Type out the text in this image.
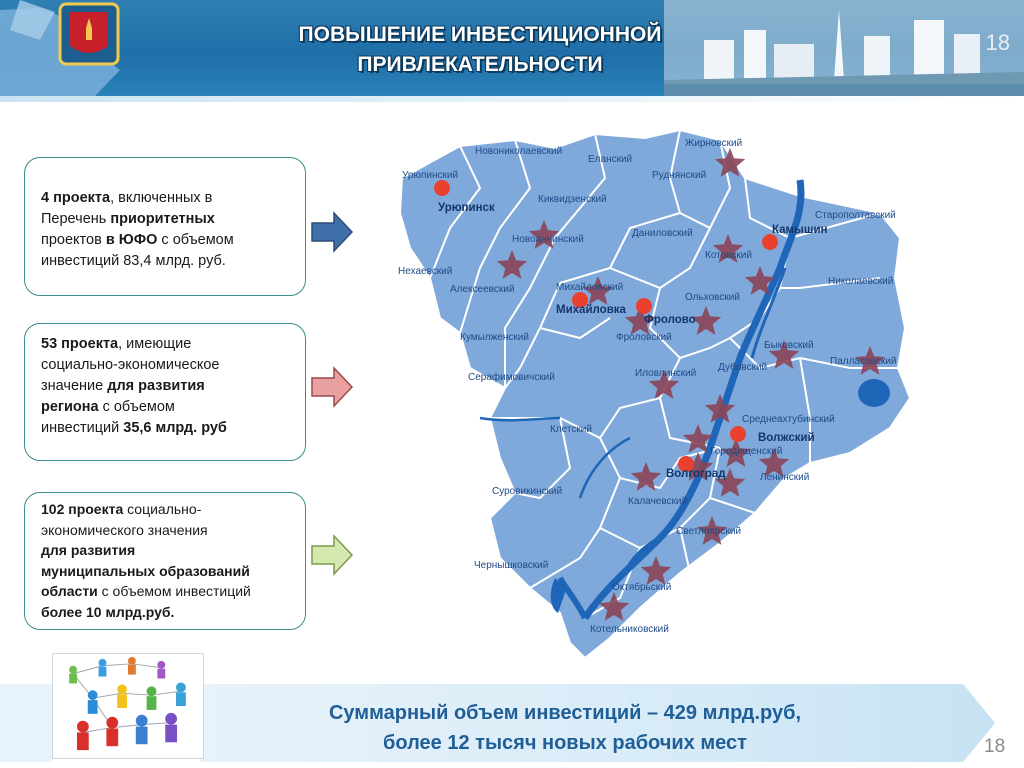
ПОВЫШЕНИЕ ИНВЕСТИЦИОННОЙ
ПРИВЛЕКАТЕЛЬНОСТИ
18
4 проекта, включенных в
Перечень приоритетных
проектов в ЮФО с объемом
инвестиций 83,4 млрд. руб.
53 проекта, имеющие
социально-экономическое
значение для развития
региона с объемом
инвестиций 35,6 млрд. руб
102 проекта социально-
экономического значения
для развития
муниципальных образований
области с объемом инвестиций
более 10 млрд.руб.
Новониколаевский
Еланский
Жирновский
Урюпинский
Урюпинск
Руднянский
Киквидзенский
Старополтавский
Камышин
Новоаннинский
Даниловский
Нехаевский
Котовский
Алексеевский	Михайловский
Николаевский
Михайловка
Фролово
Ольховский
Кумылженский	Фроловский
Быковский
Палласовский
Серафимовичский	Иловлинский
Дубовский
Клетский
Среднеахтубинский
Волжский
Городищенский
Волгоград	Ленинский
Суровикинский
Калачевский
Светлоярский
Чернышковский
Октябрьский
Котельниковский
Суммарный объем инвестиций – 429 млрд.руб,
более 12 тысяч новых рабочих мест	18
